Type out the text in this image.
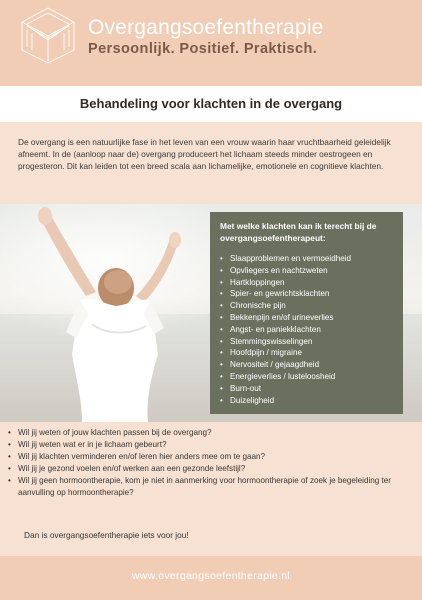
Overgangsoefentherapie
Persoonlijk. Positief. Praktisch.
Behandeling voor klachten in de overgang

De overgang is een natuurlijke fase in het leven van een vrouw waarin haar vruchtbaarheid geleidelijk afneemt. In de (aanloop naar de) overgang produceert het lichaam steeds minder oestrogeen en progesteron. Dit kan leiden tot een breed scala aan lichamelijke, emotionele en cognitieve klachten.

Met welke klachten kan ik terecht bij de overgangsoefentherapeut:

• Slaapproblemen en vermoeidheid
• Opvliegers en nachtzweten
• Hartkloppingen
• Spier- en gewrichtsklachten
• Chronische pijn
• Bekkenpijn en/of urineverlies
• Angst- en paniekklachten
• Stemmingswisselingen
• Hoofdpijn / migraine
• Nervositeit / gejaagdheid
• Energieverlies / lusteloosheid
• Burn-out
• Duizeligheid
• Wil jij weten of jouw klachten passen bij de overgang?
• Wil jij weten wat er in je lichaam gebeurt?
• Wil jij klachten verminderen en/of leren hier anders mee om te gaan?
• Wil jij je gezond voelen en/of werken aan een gezonde leefstijl?
• Wil jij geen hormoontherapie, kom je niet in aanmerking voor hormoontherapie of zoek je begeleiding ter aanvulling op hormoontherapie?
Dan is overgangsoefentherapie iets voor jou!
www.overgangsoefentherapie.nl
